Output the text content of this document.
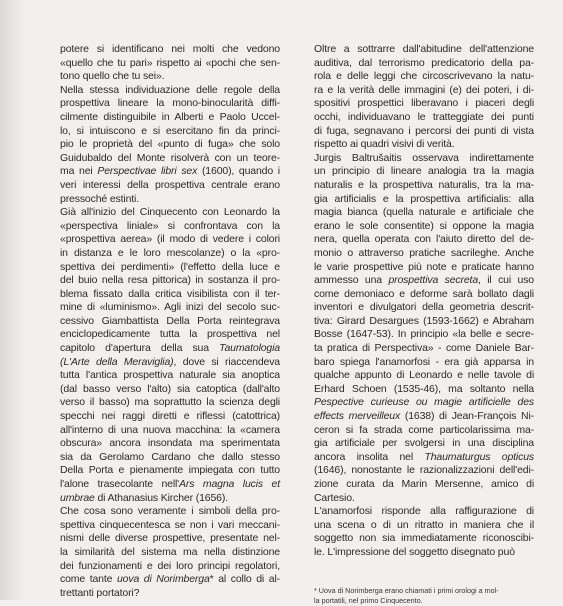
potere si identificano nei molti che vedono
«quello che tu pari» rispetto ai «pochi che sen-
tono quello che tu sei».
Nella stessa individuazione delle regole della
prospettiva lineare la mono-binocularità diffi-
cilmente distinguibile in Alberti e Paolo Uccel-
lo, si intuiscono e si esercitano fin da princi-
pio le proprietà del «punto di fuga» che solo
Guidubaldo del Monte risolverà con un teore-
ma nei Perspectivae libri sex (1600), quando i
veri interessi della prospettiva centrale erano
pressoché estinti.
Già all'inizio del Cinquecento con Leonardo la
«perspectiva liniale» si confrontava con la
«prospettiva aerea» (il modo di vedere i colori
in distanza e le loro mescolanze) o la «pro-
spettiva dei perdimenti» (l'effetto della luce e
del buio nella resa pittorica) in sostanza il pro-
blema fissato dalla critica visibilista con il ter-
mine di «luminismo». Agli inizi del secolo suc-
cessivo Giambattista Della Porta reintegrava
enciclopedicamente tutta la prospettiva nel
capitolo d'apertura della sua Taumatologia
(L'Arte della Meraviglia), dove si riaccendeva
tutta l'antica prospettiva naturale sia anoptica
(dal basso verso l'alto) sia catoptica (dall'alto
verso il basso) ma soprattutto la scienza degli
specchi nei raggi diretti e riflessi (catottrica)
all'interno di una nuova macchina: la «camera
obscura» ancora insondata ma sperimentata
sia da Gerolamo Cardano che dallo stesso
Della Porta e pienamente impiegata con tutto
l'alone trasecolante nell'Ars magna lucis et
umbrae di Athanasius Kircher (1656).
Che cosa sono veramente i simboli della pro-
spettiva cinquecentesca se non i vari meccani-
nismi delle diverse prospettive, presentate nel-
la similarità del sistema ma nella distinzione
dei funzionamenti e dei loro principi regolatori,
come tante uova di Norimberga* al collo di al-
trettanti portatori?
Oltre a sottrarre dall'abitudine dell'attenzione
auditiva, dal terrorismo predicatorio della pa-
rola e delle leggi che circoscrivevano la natu-
ra e la verità delle immagini (e) dei poteri, i di-
spositivi prospettici liberavano i piaceri degli
occhi, individuavano le tratteggiate dei punti
di fuga, segnavano i percorsi dei punti di vista
rispetto ai quadri visivi di verità.
Jurgis Baltrušaitis osservava indirettamente
un principio di lineare analogia tra la magia
naturalis e la prospettiva naturalis, tra la ma-
gia artificialis e la prospettiva artificialis: alla
magia bianca (quella naturale e artificiale che
erano le sole consentite) si oppone la magia
nera, quella operata con l'aiuto diretto del de-
monio o attraverso pratiche sacrileghe. Anche
le varie prospettive più note e praticate hanno
ammesso una prospettiva secreta, il cui uso
come demoniaco e deforme sarà bollato dagli
inventori e divulgatori della geometria descrit-
tiva: Girard Desargues (1593-1662) e Abraham
Bosse (1647-53). In principio «la belle e secre-
ta pratica di Perspectiva» - come Daniele Bar-
baro spiega l'anamorfosi - era già apparsa in
qualche appunto di Leonardo e nelle tavole di
Erhard Schoen (1535-46), ma soltanto nella
Pespective curieuse ou magie artificielle des
effects merveilleux (1638) di Jean-François Ni-
ceron si fa strada come particolarissima ma-
gia artificiale per svolgersi in una disciplina
ancora insolita nel Thaumaturgus opticus
(1646), nonostante le razionalizzazioni dell'edi-
zione curata da Marin Mersenne, amico di
Cartesio.
L'anamorfosi risponde alla raffigurazione di
una scena o di un ritratto in maniera che il
soggetto non sia immediatamente riconoscibi-
le. L'impressione del soggetto disegnato può
* Uova di Norimberga erano chiamati i primi orologi a mol-
la portatili, nel primo Cinquecento.
